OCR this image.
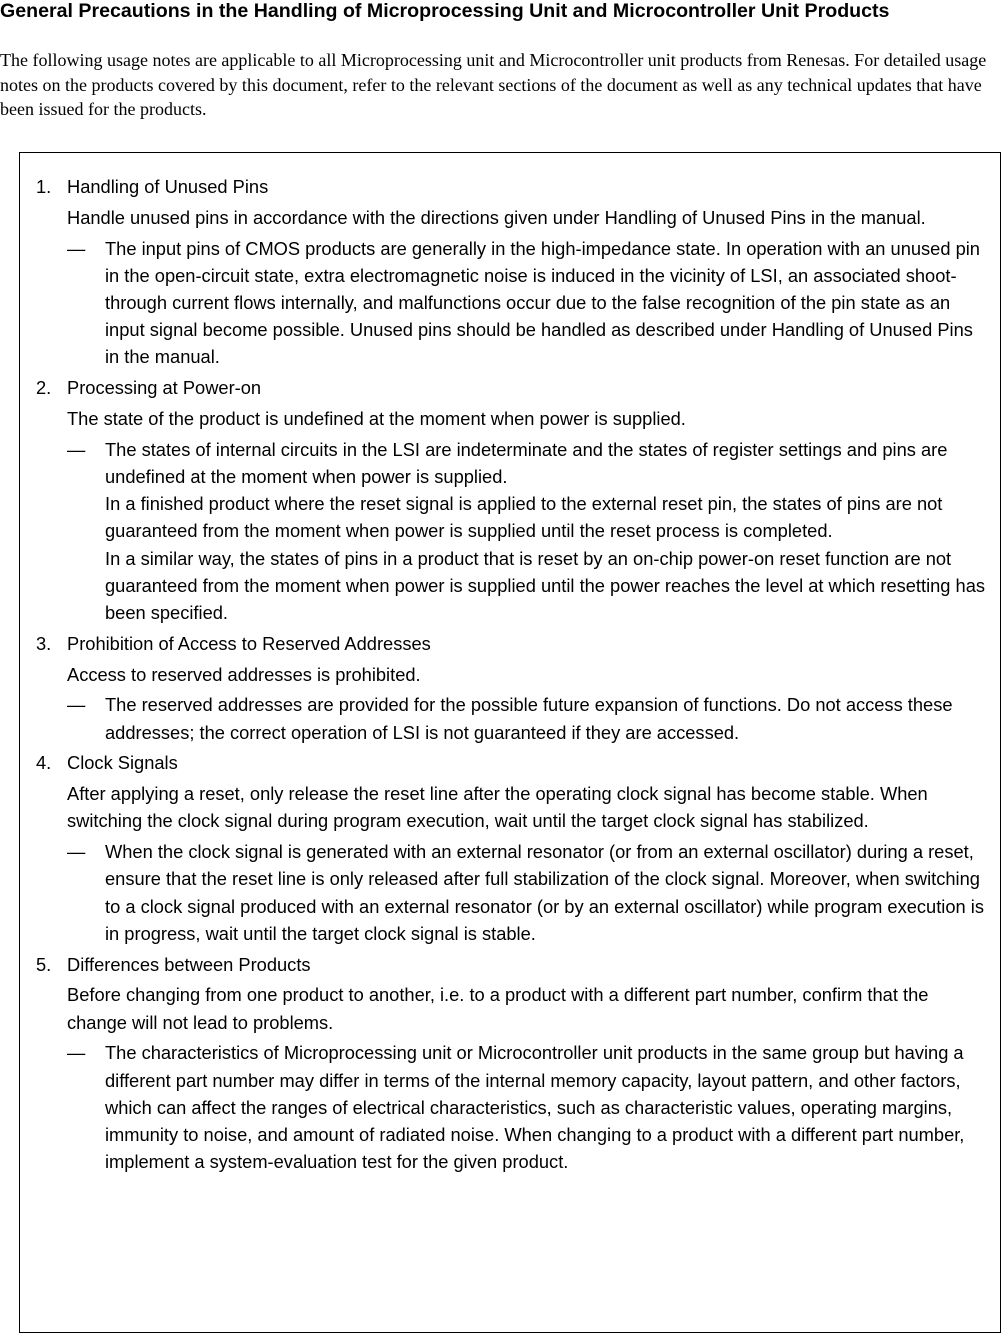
General Precautions in the Handling of Microprocessing Unit and Microcontroller Unit Products
The following usage notes are applicable to all Microprocessing unit and Microcontroller unit products from Renesas. For detailed usage notes on the products covered by this document, refer to the relevant sections of the document as well as any technical updates that have been issued for the products.
1. Handling of Unused Pins
Handle unused pins in accordance with the directions given under Handling of Unused Pins in the manual.
— The input pins of CMOS products are generally in the high-impedance state. In operation with an unused pin in the open-circuit state, extra electromagnetic noise is induced in the vicinity of LSI, an associated shoot-through current flows internally, and malfunctions occur due to the false recognition of the pin state as an input signal become possible. Unused pins should be handled as described under Handling of Unused Pins in the manual.
2. Processing at Power-on
The state of the product is undefined at the moment when power is supplied.
— The states of internal circuits in the LSI are indeterminate and the states of register settings and pins are undefined at the moment when power is supplied.
In a finished product where the reset signal is applied to the external reset pin, the states of pins are not guaranteed from the moment when power is supplied until the reset process is completed.
In a similar way, the states of pins in a product that is reset by an on-chip power-on reset function are not guaranteed from the moment when power is supplied until the power reaches the level at which resetting has been specified.
3. Prohibition of Access to Reserved Addresses
Access to reserved addresses is prohibited.
— The reserved addresses are provided for the possible future expansion of functions. Do not access these addresses; the correct operation of LSI is not guaranteed if they are accessed.
4. Clock Signals
After applying a reset, only release the reset line after the operating clock signal has become stable. When switching the clock signal during program execution, wait until the target clock signal has stabilized.
— When the clock signal is generated with an external resonator (or from an external oscillator) during a reset, ensure that the reset line is only released after full stabilization of the clock signal. Moreover, when switching to a clock signal produced with an external resonator (or by an external oscillator) while program execution is in progress, wait until the target clock signal is stable.
5. Differences between Products
Before changing from one product to another, i.e. to a product with a different part number, confirm that the change will not lead to problems.
— The characteristics of Microprocessing unit or Microcontroller unit products in the same group but having a different part number may differ in terms of the internal memory capacity, layout pattern, and other factors, which can affect the ranges of electrical characteristics, such as characteristic values, operating margins, immunity to noise, and amount of radiated noise. When changing to a product with a different part number, implement a system-evaluation test for the given product.
